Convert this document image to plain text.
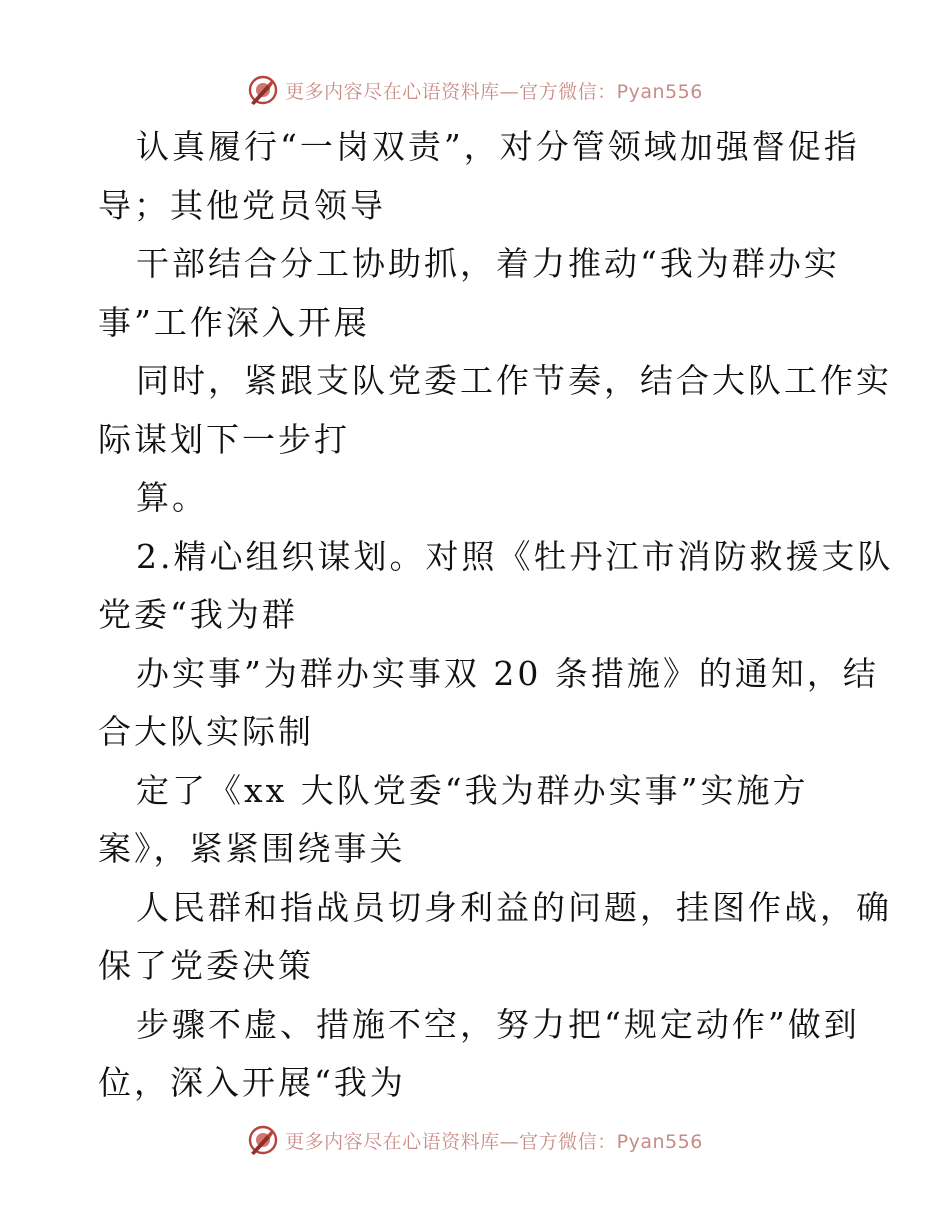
更多内容尽在心语资料库—官方微信：Pyan556
认真履行“一岗双责”，对分管领域加强督促指
导；其他党员领导
干部结合分工协助抓，着力推动“我为群办实
事”工作深入开展
同时，紧跟支队党委工作节奏，结合大队工作实
际谋划下一步打
算。
2.精心组织谋划。对照《牡丹江市消防救援支队
党委“我为群
办实事”为群办实事双 20 条措施》的通知，结
合大队实际制
定了《xx 大队党委“我为群办实事”实施方
案》，紧紧围绕事关
人民群和指战员切身利益的问题，挂图作战，确
保了党委决策
步骤不虚、措施不空，努力把“规定动作”做到
位，深入开展“我为
更多内容尽在心语资料库—官方微信：Pyan556
